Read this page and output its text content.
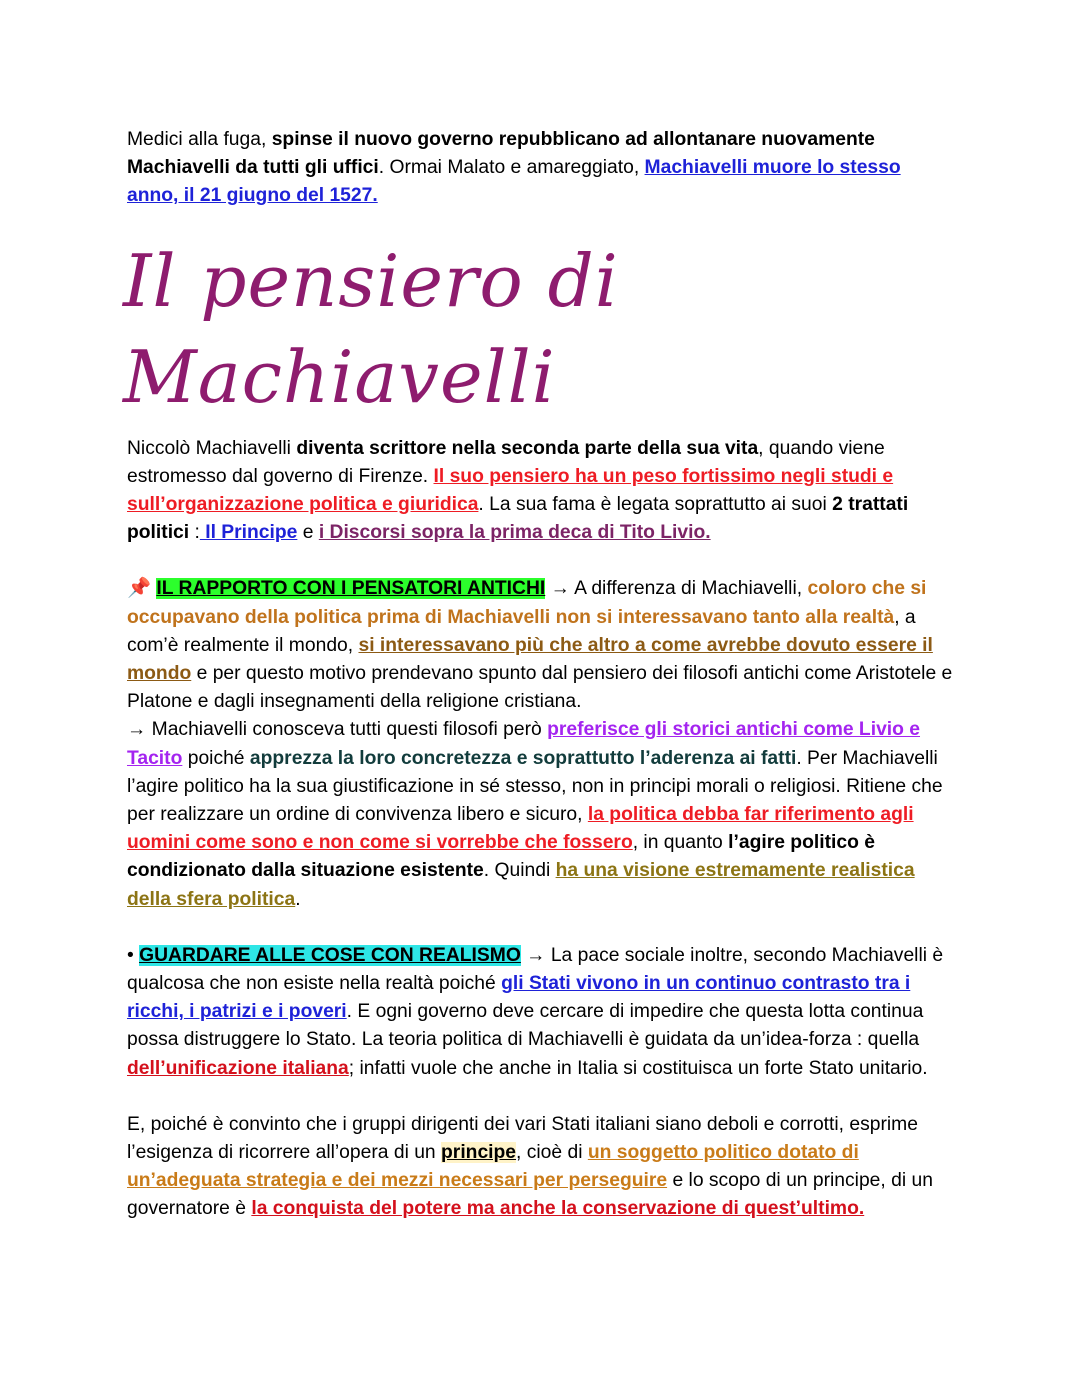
Medici alla fuga, spinse il nuovo governo repubblicano ad allontanare nuovamente Machiavelli da tutti gli uffici. Ormai Malato e amareggiato, Machiavelli muore lo stesso anno, il 21 giugno del 1527.

Il pensiero di Machiavelli

Niccolò Machiavelli diventa scrittore nella seconda parte della sua vita, quando viene estromesso dal governo di Firenze. Il suo pensiero ha un peso fortissimo negli studi e sull’organizzazione politica e giuridica. La sua fama è legata soprattutto ai suoi 2 trattati politici : Il Principe e i Discorsi sopra la prima deca di Tito Livio.

📌 IL RAPPORTO CON I PENSATORI ANTICHI → A differenza di Machiavelli, coloro che si occupavano della politica prima di Machiavelli non si interessavano tanto alla realtà, a com’è realmente il mondo, si interessavano più che altro a come avrebbe dovuto essere il mondo e per questo motivo prendevano spunto dal pensiero dei filosofi antichi come Aristotele e Platone e dagli insegnamenti della religione cristiana.

→ Machiavelli conosceva tutti questi filosofi però preferisce gli storici antichi come Livio e Tacito poiché apprezza la loro concretezza e soprattutto l’aderenza ai fatti. Per Machiavelli l’agire politico ha la sua giustificazione in sé stesso, non in principi morali o religiosi. Ritiene che per realizzare un ordine di convivenza libero e sicuro, la politica debba far riferimento agli uomini come sono e non come si vorrebbe che fossero, in quanto l’agire politico è condizionato dalla situazione esistente. Quindi ha una visione estremamente realistica della sfera politica.

• GUARDARE ALLE COSE CON REALISMO → La pace sociale inoltre, secondo Machiavelli è qualcosa che non esiste nella realtà poiché gli Stati vivono in un continuo contrasto tra i ricchi, i patrizi e i poveri. E ogni governo deve cercare di impedire che questa lotta continua possa distruggere lo Stato. La teoria politica di Machiavelli è guidata da un’idea-forza : quella dell’unificazione italiana; infatti vuole che anche in Italia si costituisca un forte Stato unitario.

E, poiché è convinto che i gruppi dirigenti dei vari Stati italiani siano deboli e corrotti, esprime l’esigenza di ricorrere all’opera di un principe, cioè di un soggetto politico dotato di un’adeguata strategia e dei mezzi necessari per perseguire e lo scopo di un principe, di un governatore è la conquista del potere ma anche la conservazione di quest’ultimo.
